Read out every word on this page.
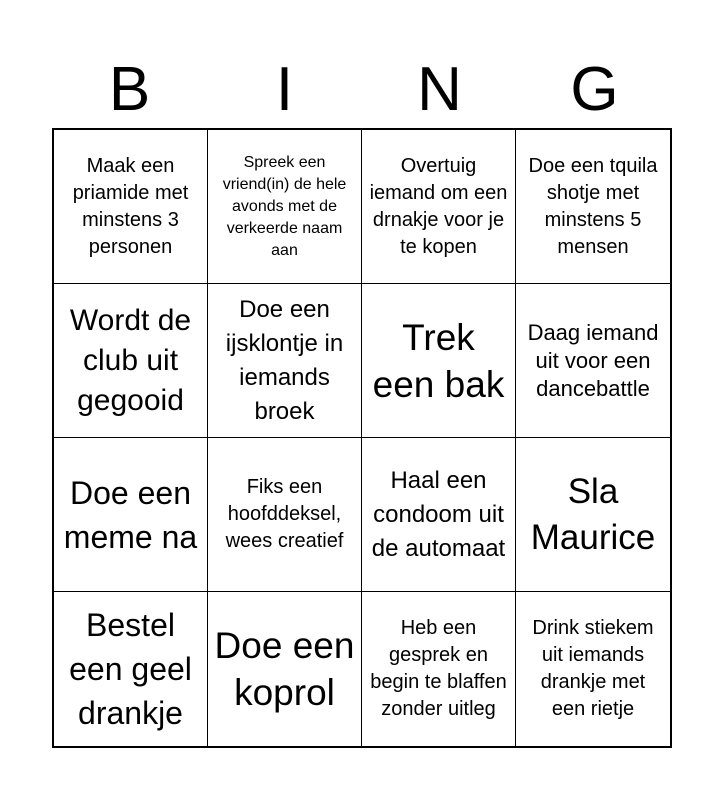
B	I	N	G
Maak een priamide met minstens 3 personen
Spreek een vriend(in) de hele avonds met de verkeerde naam aan
Overtuig iemand om een drnakje voor je te kopen
Doe een tquila shotje met minstens 5 mensen
Wordt de club uit gegooid
Doe een ijsklontje in iemands broek
Trek een bak
Daag iemand uit voor een dancebattle
Doe een meme na
Fiks een hoofddeksel, wees creatief
Haal een condoom uit de automaat
Sla Maurice
Bestel een geel drankje
Doe een koprol
Heb een gesprek en begin te blaffen zonder uitleg
Drink stiekem uit iemands drankje met een rietje
